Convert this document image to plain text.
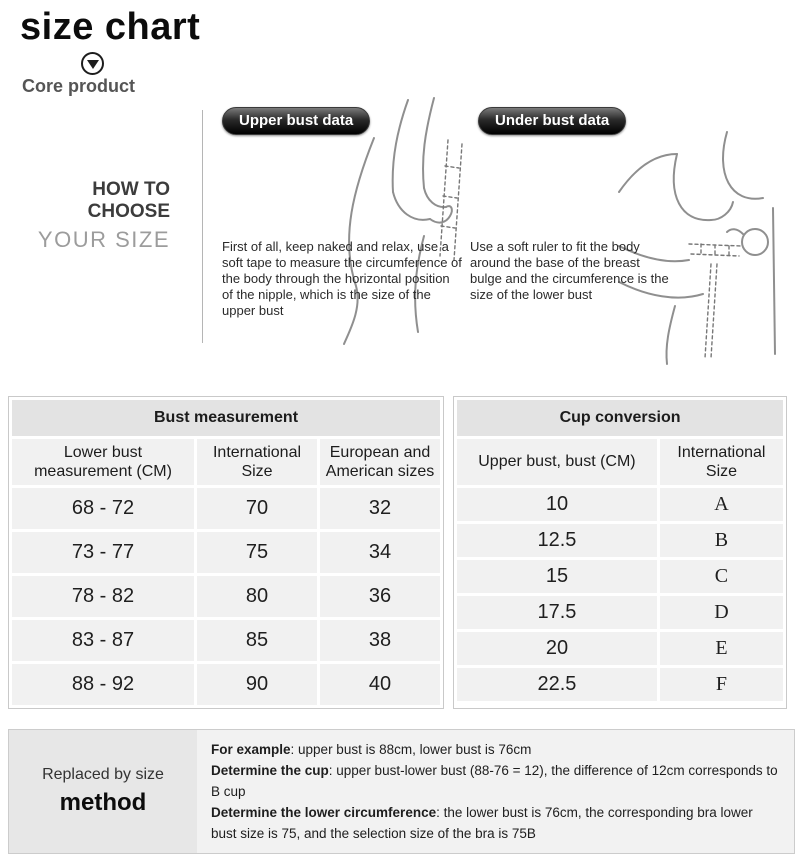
size chart
Core product
HOW TO
CHOOSE
YOUR SIZE
Upper bust data	Under bust data
First of all, keep naked and relax, use a soft tape to measure the circumference of the body through the horizontal position of the nipple, which is the size of the upper bust
Use a soft ruler to fit the body around the base of the breast bulge and the circumference is the size of the lower bust
Bust measurement		
Lower bust measurement (CM)	International Size	European and American sizes
68 - 72	70	32
73 - 77	75	34
78 - 82	80	36
83 - 87	85	38
88 - 92	90	40
Cup conversion	
Upper bust, bust (CM)	International Size
10	A
12.5	B
15	C
17.5	D
20	E
22.5	F
Replaced by size
method

For example: upper bust is 88cm, lower bust is 76cm

Determine the cup: upper bust-lower bust (88-76 = 12), the difference of 12cm corresponds to B cup

Determine the lower circumference: the lower bust is 76cm, the corresponding bra lower bust size is 75, and the selection size of the bra is 75B
